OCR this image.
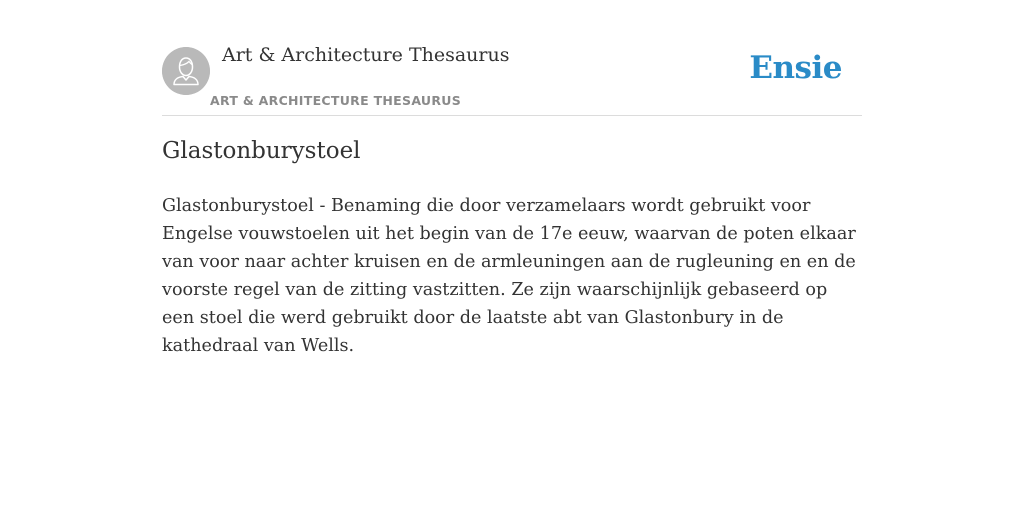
Art & Architecture Thesaurus
ART & ARCHITECTURE THESAURUS
Ensie
Glastonburystoel

Glastonburystoel - Benaming die door verzamelaars wordt gebruikt voor Engelse vouwstoelen uit het begin van de 17e eeuw, waarvan de poten elkaar van voor naar achter kruisen en de armleuningen aan de rugleuning en en de voorste regel van de zitting vastzitten. Ze zijn waarschijnlijk gebaseerd op een stoel die werd gebruikt door de laatste abt van Glastonbury in de kathedraal van Wells.
